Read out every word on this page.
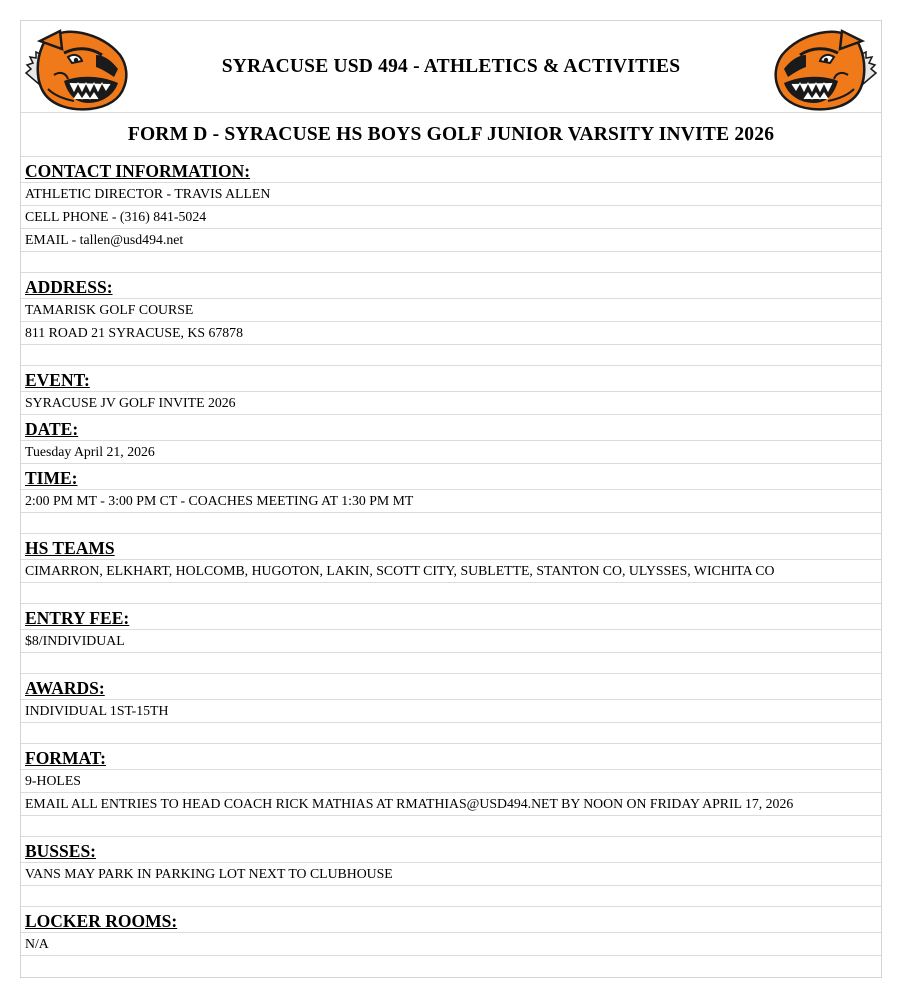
SYRACUSE USD 494 - ATHLETICS & ACTIVITIES
FORM D - SYRACUSE HS BOYS GOLF JUNIOR VARSITY INVITE 2026
CONTACT INFORMATION:
ATHLETIC DIRECTOR - TRAVIS ALLEN
CELL PHONE - (316) 841-5024
EMAIL - tallen@usd494.net
ADDRESS:
TAMARISK GOLF COURSE
811 ROAD 21 SYRACUSE, KS 67878
EVENT:
SYRACUSE JV GOLF INVITE 2026
DATE:
Tuesday April 21, 2026
TIME:
2:00 PM MT - 3:00 PM CT - COACHES MEETING AT 1:30 PM MT
HS TEAMS
CIMARRON, ELKHART, HOLCOMB, HUGOTON, LAKIN, SCOTT CITY, SUBLETTE, STANTON CO, ULYSSES, WICHITA CO
ENTRY FEE:
$8/INDIVIDUAL
AWARDS:
INDIVIDUAL 1ST-15TH
FORMAT:
9-HOLES
EMAIL ALL ENTRIES TO HEAD COACH RICK MATHIAS AT RMATHIAS@USD494.NET BY NOON ON FRIDAY APRIL 17, 2026
BUSSES:
VANS MAY PARK IN PARKING LOT NEXT TO CLUBHOUSE
LOCKER ROOMS:
N/A
